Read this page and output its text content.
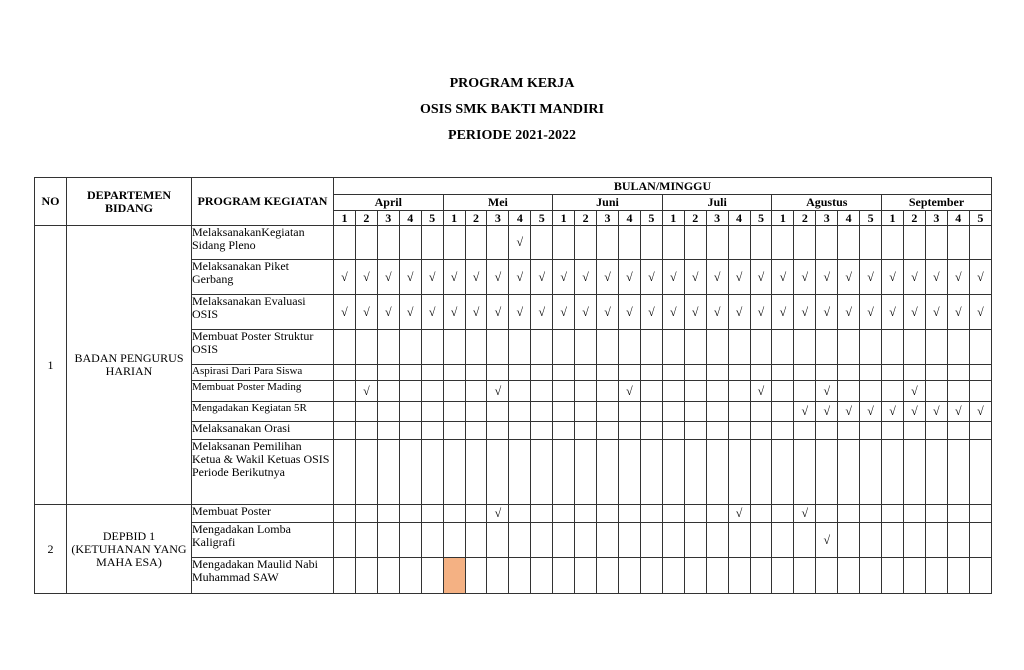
PROGRAM KERJA
OSIS SMK BAKTI MANDIRI
PERIODE 2021-2022
NO	DEPARTEMEN BIDANG	PROGRAM KEGIATAN	BULAN/MINGGU																													
			April					Mei					Juni					Juli					Agustus					September				
			1	2	3	4	5	1	2	3	4	5	1	2	3	4	5	1	2	3	4	5	1	2	3	4	5	1	2	3	4	5
1	BADAN PENGURUS HARIAN	MelaksanakanKegiatan Sidang Pleno									√																					
		Melaksanakan Piket Gerbang	√	√	√	√	√	√	√	√	√	√	√	√	√	√	√	√	√	√	√	√	√	√	√	√	√	√	√	√	√	√
		Melaksanakan Evaluasi OSIS	√	√	√	√	√	√	√	√	√	√	√	√	√	√	√	√	√	√	√	√	√	√	√	√	√	√	√	√	√	√
		Membuat Poster Struktur OSIS																														
		Aspirasi Dari Para Siswa																														
		Membuat Poster Mading		√						√						√						√			√				√			
		Mengadakan Kegiatan 5R																						√	√	√	√	√	√	√	√	√
		Melaksanakan Orasi																														
		Melaksanan Pemilihan Ketua & Wakil Ketuas OSIS Periode Berikutnya																														
2	DEPBID 1 (KETUHANAN YANG MAHA ESA)	Membuat Poster								√											√			√								
		Mengadakan Lomba Kaligrafi																							√							
		Mengadakan Maulid Nabi Muhammad SAW																														
